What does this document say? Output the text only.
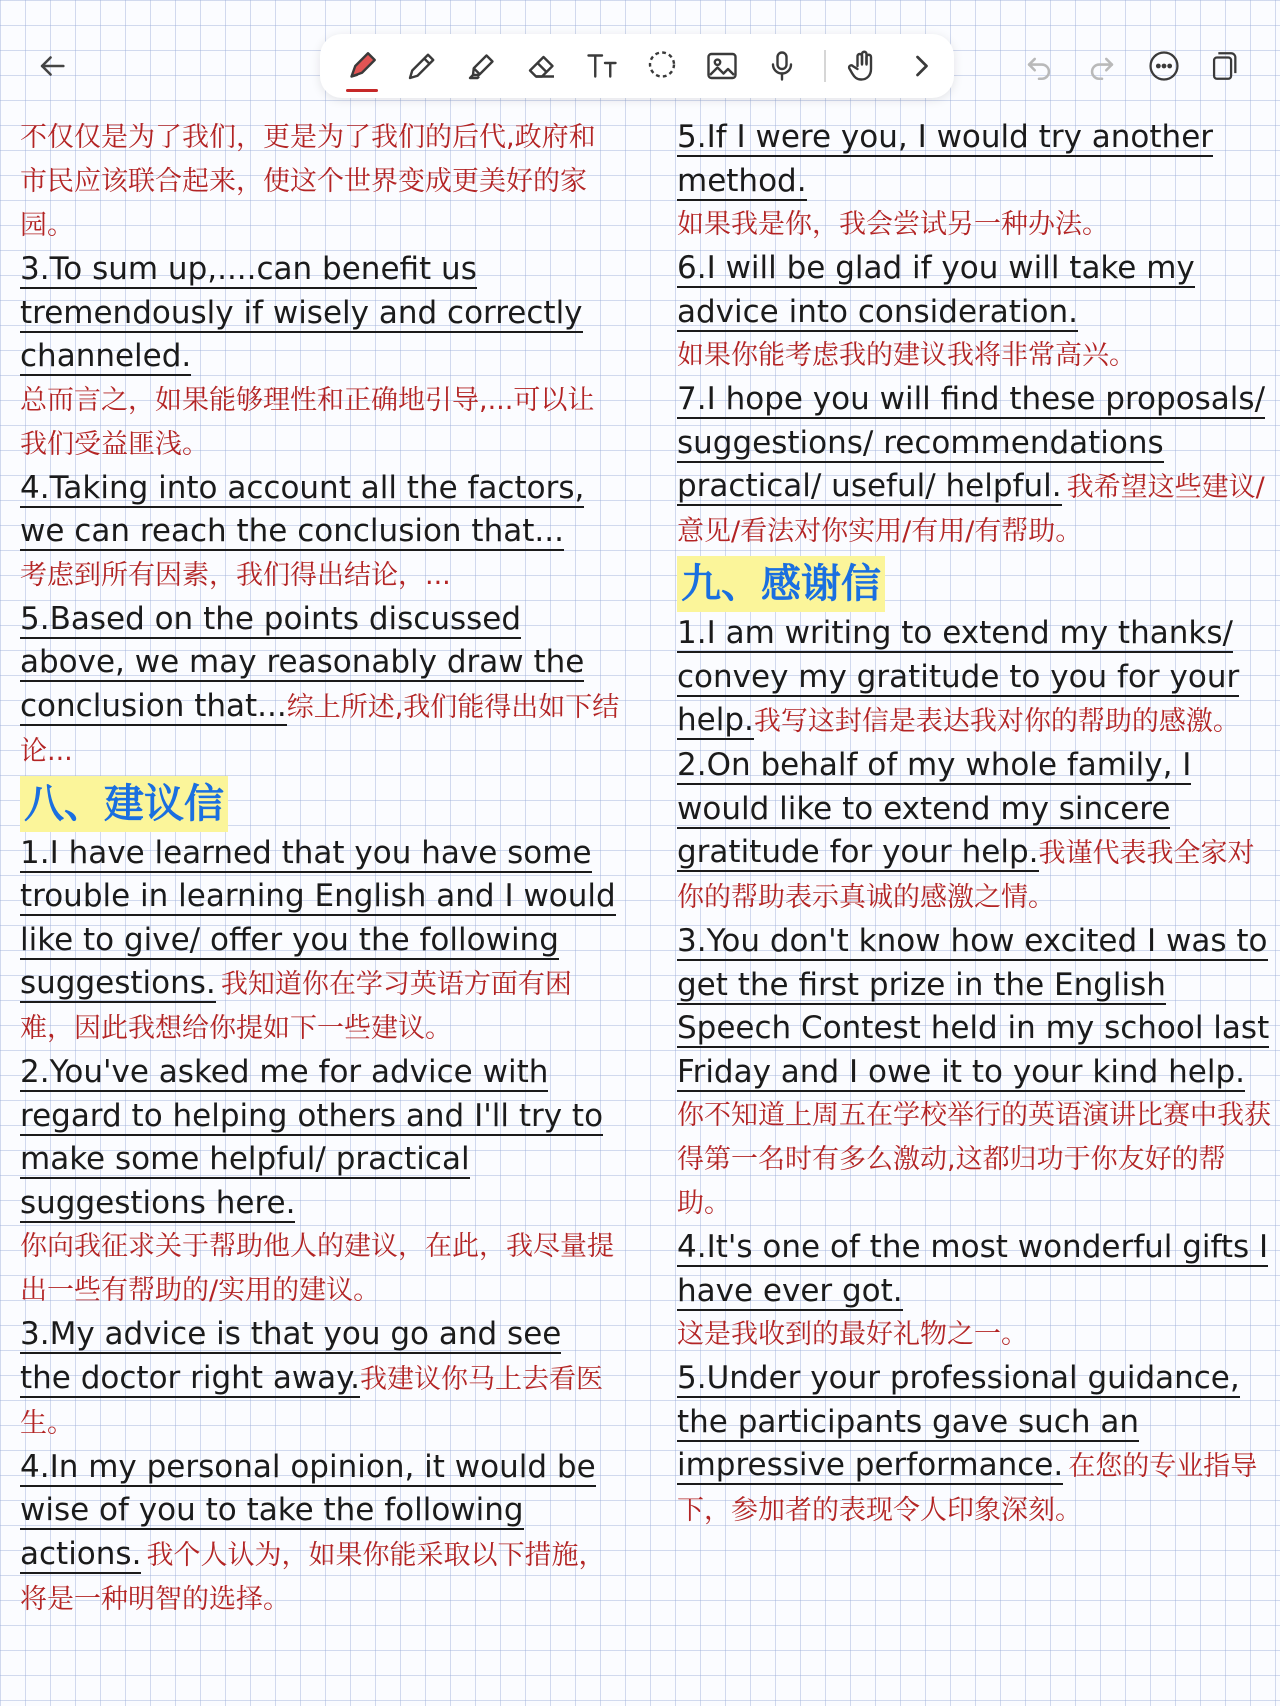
不仅仅是为了我们，更是为了我们的后代,政府和市民应该联合起来，使这个世界变成更美好的家园。
3.To sum up,....can benefit us tremendously if wisely and correctly channeled.
总而言之，如果能够理性和正确地引导,...可以让我们受益匪浅。
4.Taking into account all the factors, we can reach the conclusion that...
考虑到所有因素，我们得出结论，...
5.Based on the points discussed above, we may reasonably draw the conclusion that...综上所述,我们能得出如下结论...
八、建议信
1.I have learned that you have some trouble in learning English and I would like to give/ offer you the following suggestions. 我知道你在学习英语方面有困难，因此我想给你提如下一些建议。
2.You've asked me for advice with regard to helping others and I'll try to make some helpful/ practical suggestions here.
你向我征求关于帮助他人的建议，在此，我尽量提出一些有帮助的/实用的建议。
3.My advice is that you go and see the doctor right away.我建议你马上去看医生。
4.In my personal opinion, it would be wise of you to take the following actions. 我个人认为，如果你能采取以下措施，将是一种明智的选择。
5.If I were you, I would try another method.
如果我是你，我会尝试另一种办法。
6.I will be glad if you will take my advice into consideration.
如果你能考虑我的建议我将非常高兴。
7.I hope you will find these proposals/ suggestions/ recommendations practical/ useful/ helpful. 我希望这些建议/意见/看法对你实用/有用/有帮助。
九、感谢信
1.I am writing to extend my thanks/ convey my gratitude to you for your help.我写这封信是表达我对你的帮助的感激。
2.On behalf of my whole family, I would like to extend my sincere gratitude for your help.我谨代表我全家对你的帮助表示真诚的感激之情。
3.You don't know how excited I was to get the first prize in the English Speech Contest held in my school last Friday and I owe it to your kind help.
你不知道上周五在学校举行的英语演讲比赛中我获得第一名时有多么激动,这都归功于你友好的帮助。
4.It's one of the most wonderful gifts I have ever got.
这是我收到的最好礼物之一。
5.Under your professional guidance, the participants gave such an impressive performance. 在您的专业指导下，参加者的表现令人印象深刻。
